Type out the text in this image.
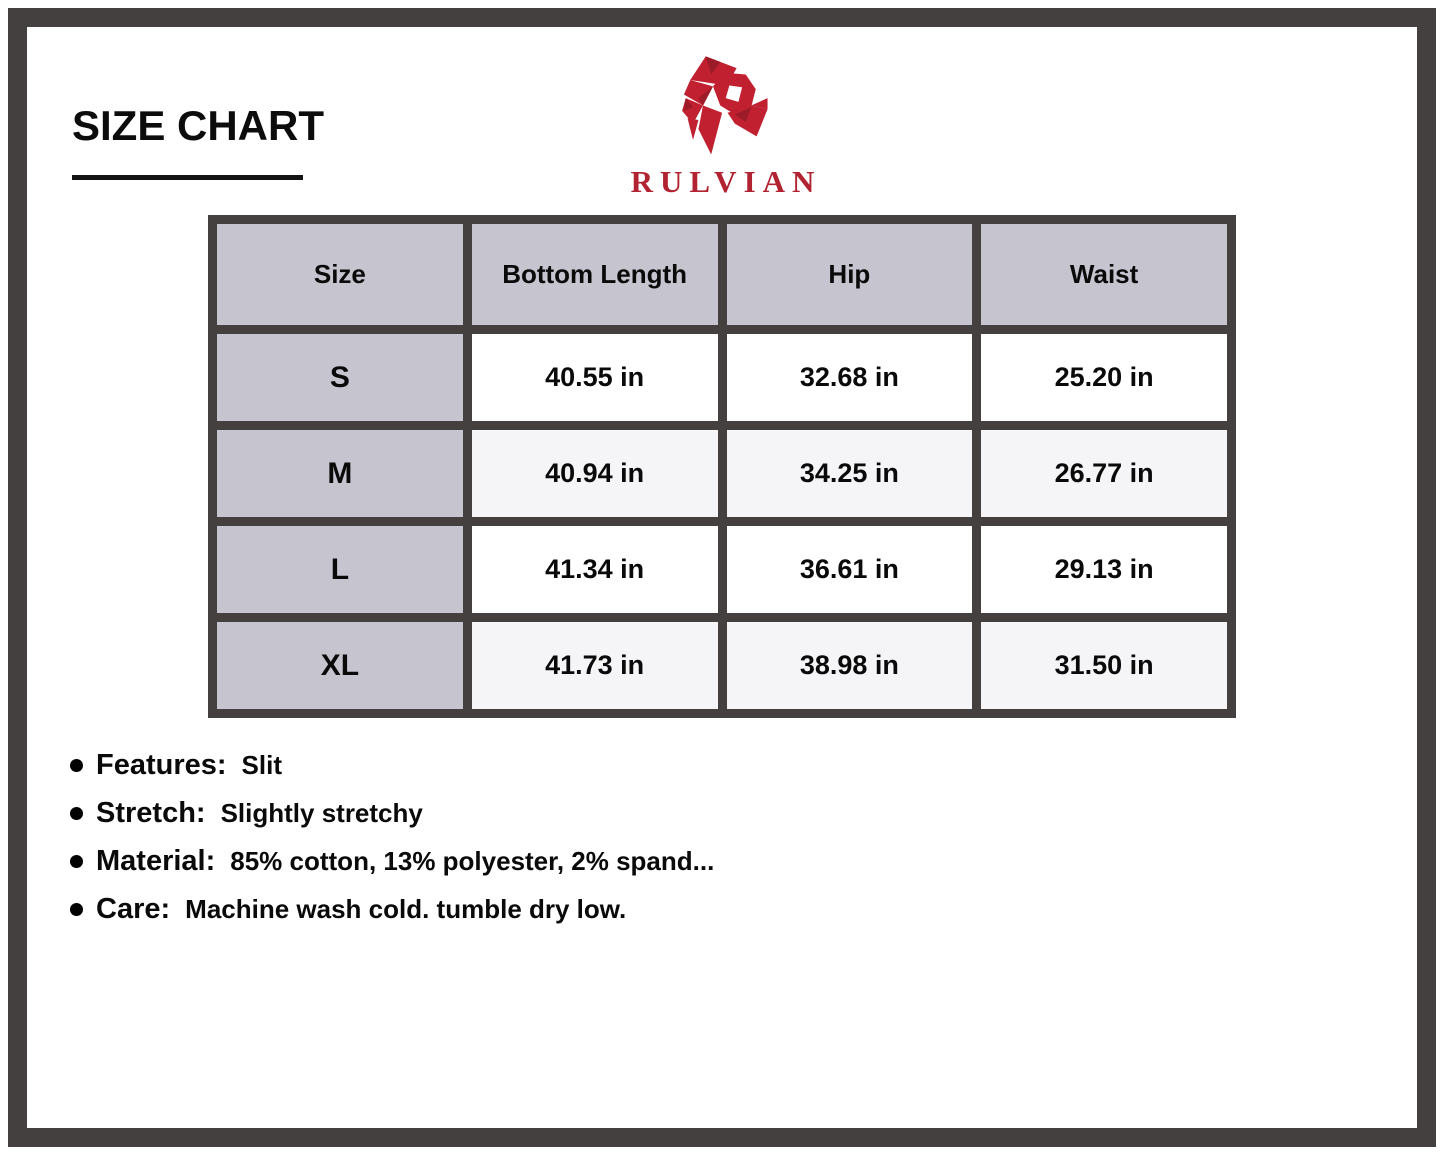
SIZE CHART
RULVIAN
Size	Bottom Length	Hip	Waist
S	40.55 in	32.68 in	25.20 in
M	40.94 in	34.25 in	26.77 in
L	41.34 in	36.61 in	29.13 in
XL	41.73 in	38.98 in	31.50 in
Features: Slit
Stretch: Slightly stretchy
Material: 85% cotton, 13% polyester, 2% spand...
Care: Machine wash cold. tumble dry low.
